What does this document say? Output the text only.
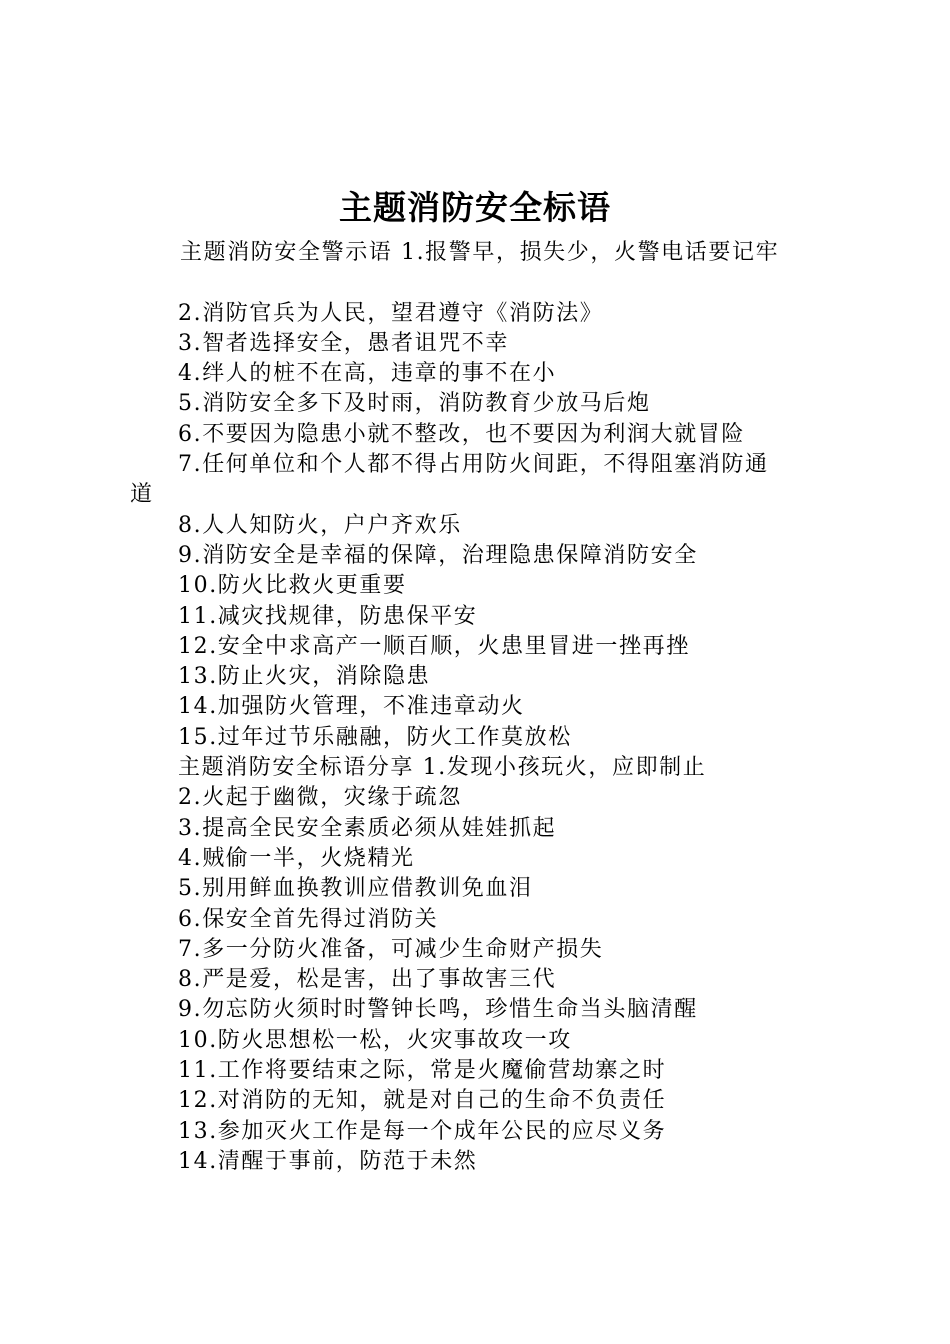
主题消防安全标语
主题消防安全警示语 1.报警早，损失少，火警电话要记牢
2.消防官兵为人民，望君遵守《消防法》
3.智者选择安全，愚者诅咒不幸
4.绊人的桩不在高，违章的事不在小
5.消防安全多下及时雨，消防教育少放马后炮
6.不要因为隐患小就不整改，也不要因为利润大就冒险
7.任何单位和个人都不得占用防火间距，不得阻塞消防通
道
8.人人知防火，户户齐欢乐
9.消防安全是幸福的保障，治理隐患保障消防安全
10.防火比救火更重要
11.减灾找规律，防患保平安
12.安全中求高产一顺百顺，火患里冒进一挫再挫
13.防止火灾，消除隐患
14.加强防火管理，不准违章动火
15.过年过节乐融融，防火工作莫放松
主题消防安全标语分享 1.发现小孩玩火，应即制止
2.火起于幽微，灾缘于疏忽
3.提高全民安全素质必须从娃娃抓起
4.贼偷一半，火烧精光
5.别用鲜血换教训应借教训免血泪
6.保安全首先得过消防关
7.多一分防火准备，可减少生命财产损失
8.严是爱，松是害，出了事故害三代
9.勿忘防火须时时警钟长鸣，珍惜生命当头脑清醒
10.防火思想松一松，火灾事故攻一攻
11.工作将要结束之际，常是火魔偷营劫寨之时
12.对消防的无知，就是对自己的生命不负责任
13.参加灭火工作是每一个成年公民的应尽义务
14.清醒于事前，防范于未然
